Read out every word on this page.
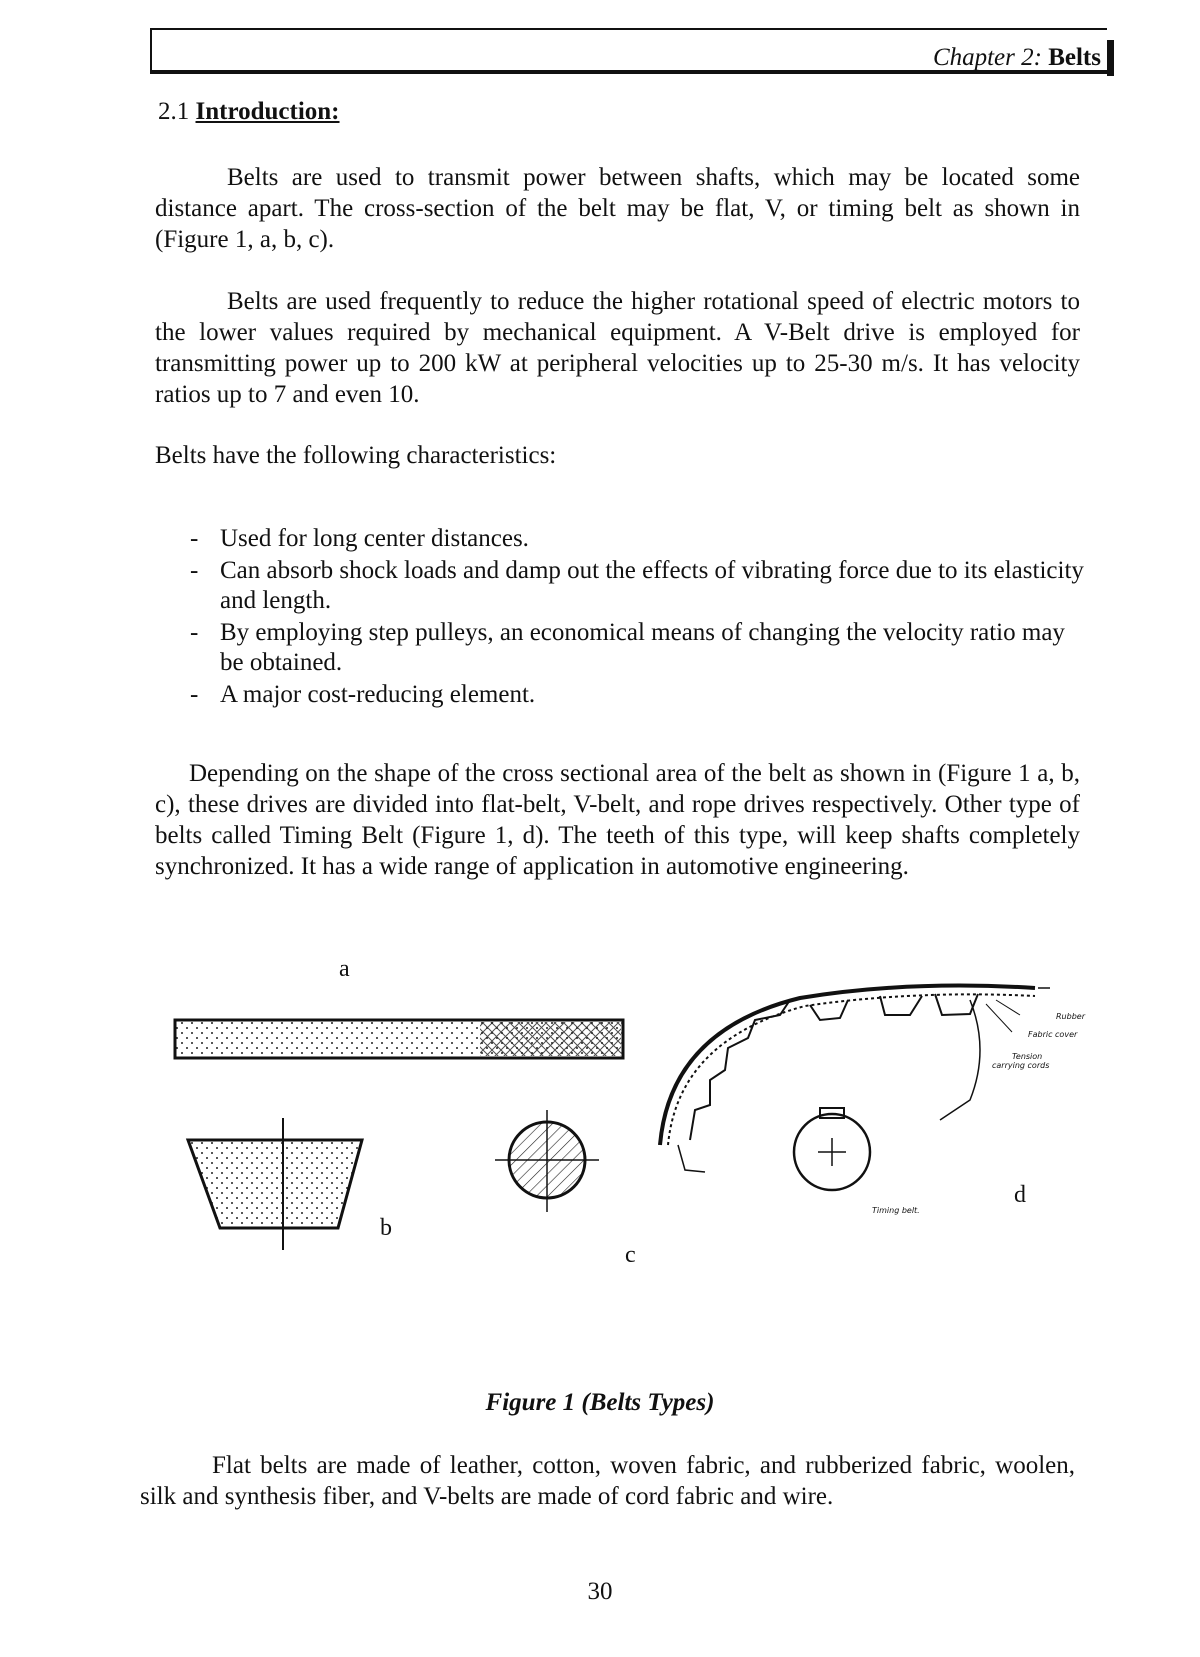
Chapter 2: Belts
2.1 Introduction:

Belts are used to transmit power between shafts, which may be located some distance apart. The cross-section of the belt may be flat, V, or timing belt as shown in (Figure 1, a, b, c).

Belts are used frequently to reduce the higher rotational speed of electric motors to the lower values required by mechanical equipment. A V-Belt drive is employed for transmitting power up to 200 kW at peripheral velocities up to 25-30 m/s. It has velocity ratios up to 7 and even 10.

Belts have the following characteristics:

- Used for long center distances.
- Can absorb shock loads and damp out the effects of vibrating force due to its elasticity and length.
- By employing step pulleys, an economical means of changing the velocity ratio may be obtained.
- A major cost-reducing element.

Depending on the shape of the cross sectional area of the belt as shown in (Figure 1 a, b, c), these drives are divided into flat-belt, V-belt, and rope drives respectively. Other type of belts called Timing Belt (Figure 1, d). The teeth of this type, will keep shafts completely synchronized. It has a wide range of application in automotive engineering.

a
b
c
d
Rubber
Fabric cover
Tension
carrying cords
Timing belt.
Figure 1 (Belts Types)

Flat belts are made of leather, cotton, woven fabric, and rubberized fabric, woolen, silk and synthesis fiber, and V-belts are made of cord fabric and wire.

30
